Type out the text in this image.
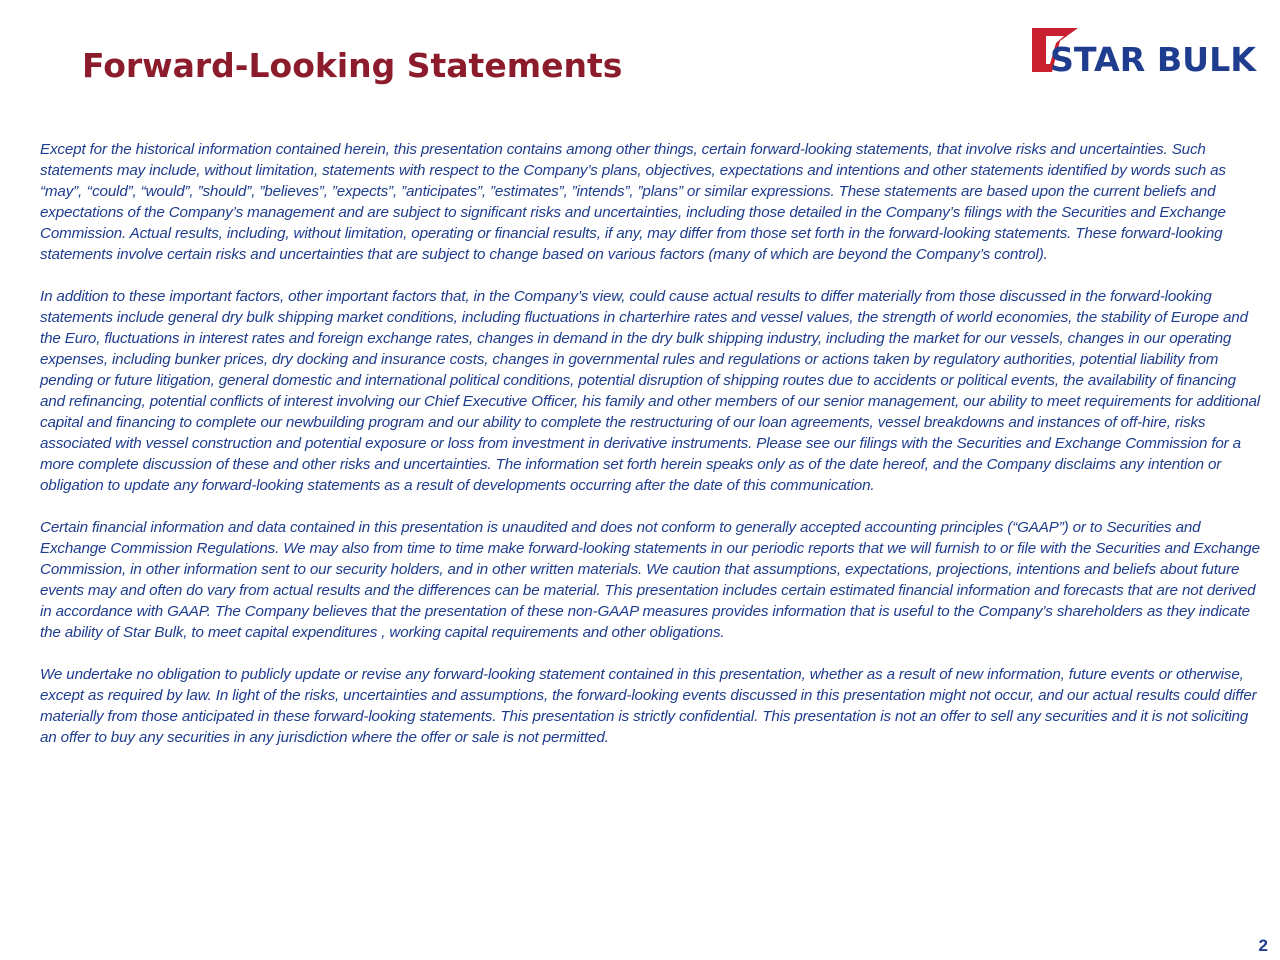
Forward-Looking Statements	STAR BULK

Except for the historical information contained herein, this presentation contains among other things, certain forward-looking statements, that involve risks and uncertainties. Such statements may include, without limitation, statements with respect to the Company’s plans, objectives, expectations and intentions and other statements identified by words such as “may”, ‘‘could”, “would”, ”should”, ”believes”, ”expects”, ”anticipates”, ”estimates”, ”intends”, ”plans” or similar expressions. These statements are based upon the current beliefs and expectations of the Company’s management and are subject to significant risks and uncertainties, including those detailed in the Company’s filings with the Securities and Exchange Commission. Actual results, including, without limitation, operating or financial results, if any, may differ from those set forth in the forward-looking statements. These forward-looking statements involve certain risks and uncertainties that are subject to change based on various factors (many of which are beyond the Company’s control).

In addition to these important factors, other important factors that, in the Company’s view, could cause actual results to differ materially from those discussed in the forward-looking statements include general dry bulk shipping market conditions, including fluctuations in charterhire rates and vessel values, the strength of world economies, the stability of Europe and the Euro, fluctuations in interest rates and foreign exchange rates, changes in demand in the dry bulk shipping industry, including the market for our vessels, changes in our operating expenses, including bunker prices, dry docking and insurance costs, changes in governmental rules and regulations or actions taken by regulatory authorities, potential liability from pending or future litigation, general domestic and international political conditions, potential disruption of shipping routes due to accidents or political events, the availability of financing and refinancing, potential conflicts of interest involving our Chief Executive Officer, his family and other members of our senior management, our ability to meet requirements for additional capital and financing to complete our newbuilding program and our ability to complete the restructuring of our loan agreements, vessel breakdowns and instances of off-hire, risks associated with vessel construction and potential exposure or loss from investment in derivative instruments. Please see our filings with the Securities and Exchange Commission for a more complete discussion of these and other risks and uncertainties. The information set forth herein speaks only as of the date hereof, and the Company disclaims any intention or obligation to update any forward-looking statements as a result of developments occurring after the date of this communication.

Certain financial information and data contained in this presentation is unaudited and does not conform to generally accepted accounting principles (“GAAP”) or to Securities and Exchange Commission Regulations. We may also from time to time make forward-looking statements in our periodic reports that we will furnish to or file with the Securities and Exchange Commission, in other information sent to our security holders, and in other written materials. We caution that assumptions, expectations, projections, intentions and beliefs about future events may and often do vary from actual results and the differences can be material. This presentation includes certain estimated financial information and forecasts that are not derived in accordance with GAAP. The Company believes that the presentation of these non-GAAP measures provides information that is useful to the Company’s shareholders as they indicate the ability of Star Bulk, to meet capital expenditures , working capital requirements and other obligations.

We undertake no obligation to publicly update or revise any forward-looking statement contained in this presentation, whether as a result of new information, future events or otherwise, except as required by law. In light of the risks, uncertainties and assumptions, the forward-looking events discussed in this presentation might not occur, and our actual results could differ materially from those anticipated in these forward-looking statements. This presentation is strictly confidential. This presentation is not an offer to sell any securities and it is not soliciting an offer to buy any securities in any jurisdiction where the offer or sale is not permitted.

2
